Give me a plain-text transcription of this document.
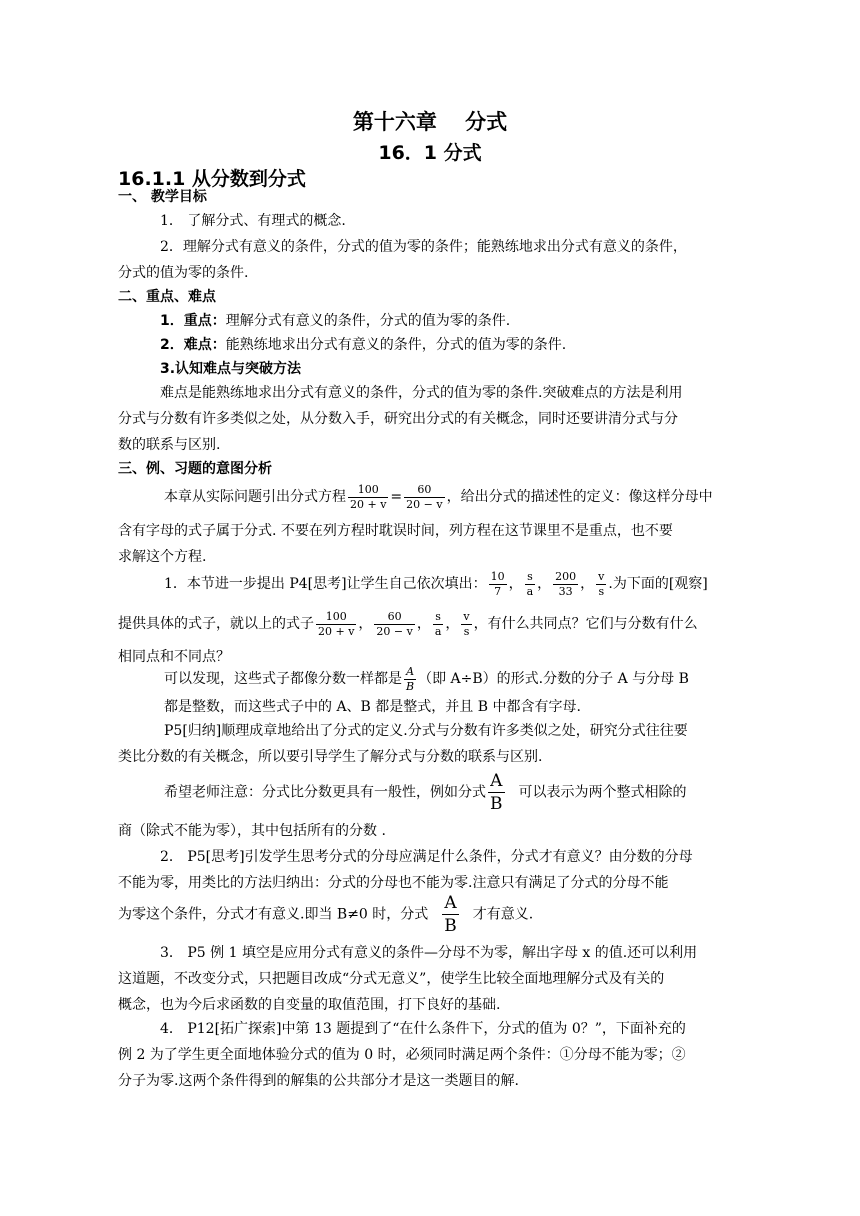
第十六章　 分式
16．1 分式
16.1.1 从分数到分式
一、 教学目标
1． 了解分式、有理式的概念.
2．理解分式有意义的条件，分式的值为零的条件；能熟练地求出分式有意义的条件，
分式的值为零的条件.
二、重点、难点
1．重点：理解分式有意义的条件，分式的值为零的条件.
2．难点：能熟练地求出分式有意义的条件，分式的值为零的条件.
3.认知难点与突破方法
难点是能熟练地求出分式有意义的条件，分式的值为零的条件.突破难点的方法是利用
分式与分数有许多类似之处，从分数入手，研究出分式的有关概念，同时还要讲清分式与分
数的联系与区别.
三、例、习题的意图分析
本章从实际问题引出分式方程 $\frac{100}{20 + v} = \frac{60}{20 - v}$ ，给出分式的描述性的定义：像这样分母中
含有字母的式子属于分式. 不要在列方程时耽误时间，列方程在这节课里不是重点，也不要
求解这个方程.
1．本节进一步提出 P4[思考]让学生自己依次填出： $\frac{10}{7}$ ， $\frac{s}{a}$ ， $\frac{200}{33}$ ， $\frac{v}{s}$ .为下面的[观察]
提供具体的式子，就以上的式子 $\frac{100}{20 + v}$ ， $\frac{60}{20 - v}$ ， $\frac{s}{a}$ ， $\frac{v}{s}$ ，有什么共同点？它们与分数有什么
相同点和不同点？
可以发现，这些式子都像分数一样都是 $\frac{A}{B}$ （即 A÷B）的形式.分数的分子 A 与分母 B
都是整数，而这些式子中的 A、B 都是整式，并且 B 中都含有字母.
P5[归纳]顺理成章地给出了分式的定义.分式与分数有许多类似之处，研究分式往往要
类比分数的有关概念，所以要引导学生了解分式与分数的联系与区别.
希望老师注意：分式比分数更具有一般性，例如分式 $\frac{A}{B}$ 可以表示为两个整式相除的
商（除式不能为零），其中包括所有的分数 .
2． P5[思考]引发学生思考分式的分母应满足什么条件，分式才有意义？由分数的分母
不能为零，用类比的方法归纳出：分式的分母也不能为零.注意只有满足了分式的分母不能
为零这个条件，分式才有意义.即当 B≠0 时，分式 $\frac{A}{B}$ 才有意义.
3． P5 例 1 填空是应用分式有意义的条件—分母不为零，解出字母 x 的值.还可以利用
这道题，不改变分式，只把题目改成“分式无意义”，使学生比较全面地理解分式及有关的
概念，也为今后求函数的自变量的取值范围，打下良好的基础.
4． P12[拓广探索]中第 13 题提到了“在什么条件下，分式的值为 0？”，下面补充的
例 2 为了学生更全面地体验分式的值为 0 时，必须同时满足两个条件：①分母不能为零；②
分子为零.这两个条件得到的解集的公共部分才是这一类题目的解.
